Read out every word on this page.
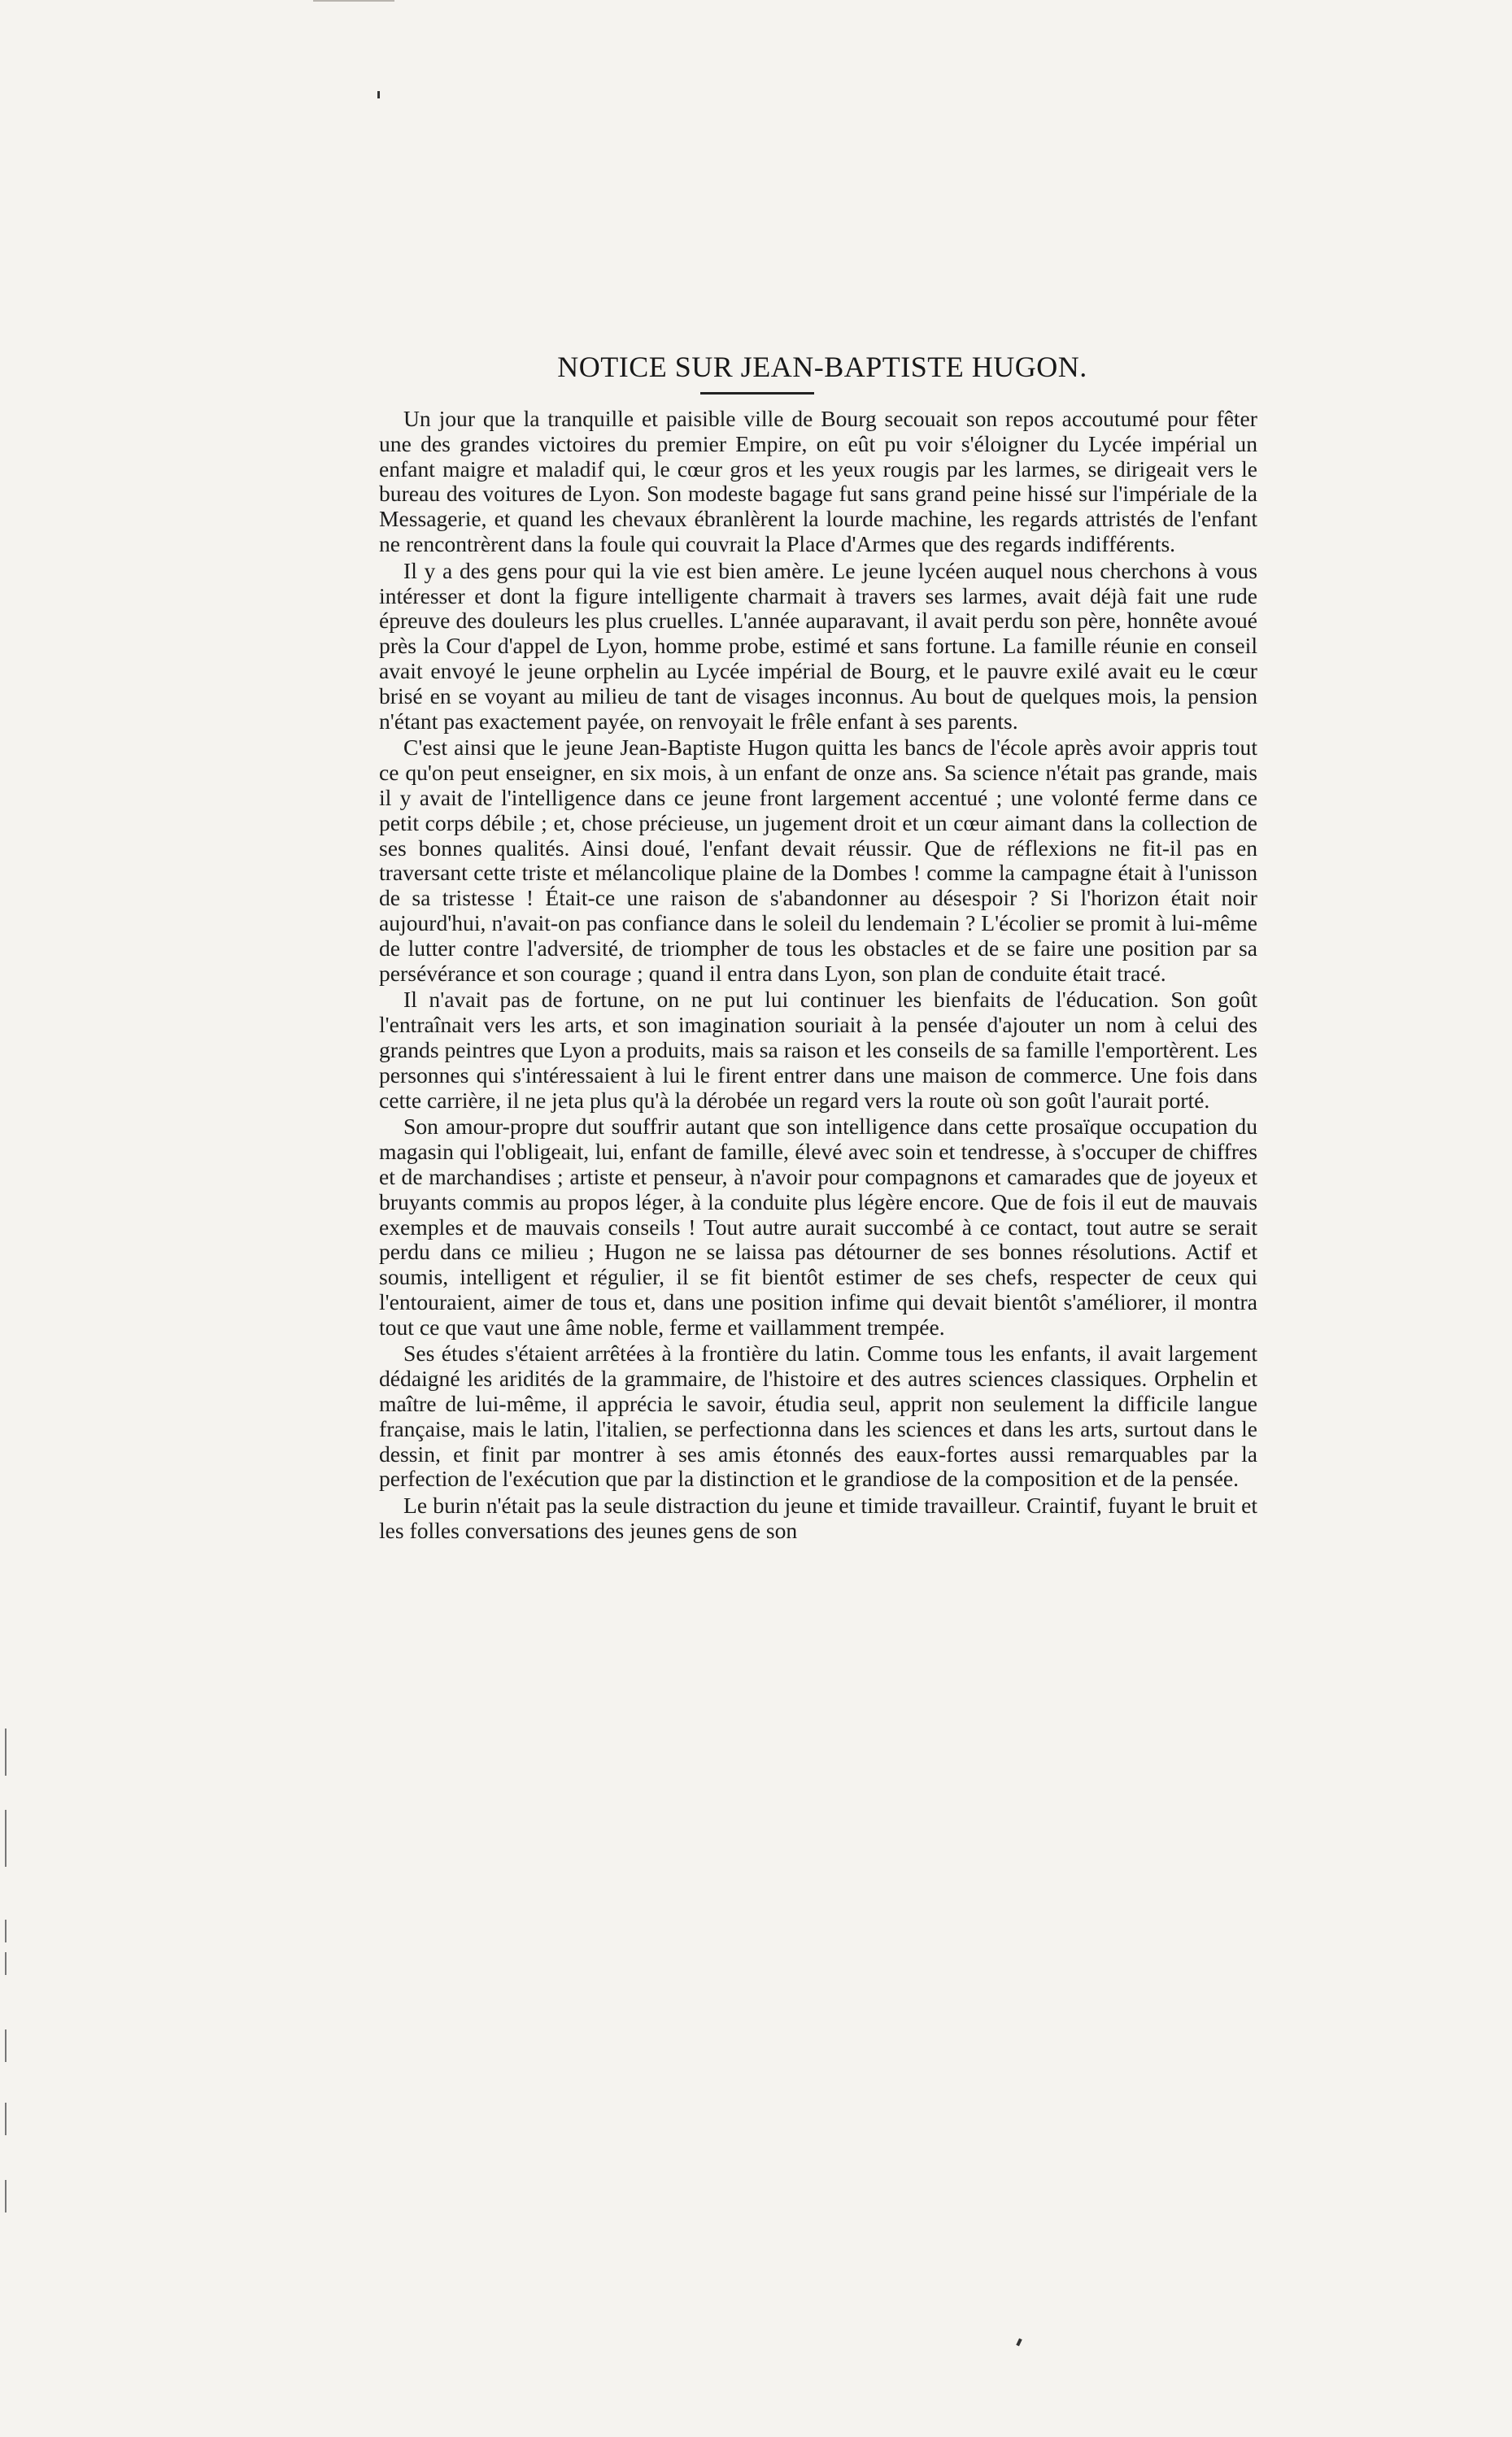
NOTICE SUR JEAN-BAPTISTE HUGON.

Un jour que la tranquille et paisible ville de Bourg secouait son repos accoutumé pour fêter une des grandes victoires du premier Empire, on eût pu voir s'éloigner du Lycée impérial un enfant maigre et maladif qui, le cœur gros et les yeux rougis par les larmes, se dirigeait vers le bureau des voitures de Lyon. Son modeste bagage fut sans grand peine hissé sur l'impériale de la Messagerie, et quand les chevaux ébranlèrent la lourde machine, les regards attristés de l'enfant ne rencontrèrent dans la foule qui couvrait la Place d'Armes que des regards indifférents.

Il y a des gens pour qui la vie est bien amère. Le jeune lycéen auquel nous cherchons à vous intéresser et dont la figure intelligente charmait à travers ses larmes, avait déjà fait une rude épreuve des douleurs les plus cruelles. L'année auparavant, il avait perdu son père, honnête avoué près la Cour d'appel de Lyon, homme probe, estimé et sans fortune. La famille réunie en conseil avait envoyé le jeune orphelin au Lycée impérial de Bourg, et le pauvre exilé avait eu le cœur brisé en se voyant au milieu de tant de visages inconnus. Au bout de quelques mois, la pension n'étant pas exactement payée, on renvoyait le frêle enfant à ses parents.

C'est ainsi que le jeune Jean-Baptiste Hugon quitta les bancs de l'école après avoir appris tout ce qu'on peut enseigner, en six mois, à un enfant de onze ans. Sa science n'était pas grande, mais il y avait de l'intelligence dans ce jeune front largement accentué ; une volonté ferme dans ce petit corps débile ; et, chose précieuse, un jugement droit et un cœur aimant dans la collection de ses bonnes qualités. Ainsi doué, l'enfant devait réussir. Que de réflexions ne fit-il pas en traversant cette triste et mélancolique plaine de la Dombes ! comme la campagne était à l'unisson de sa tristesse ! Était-ce une raison de s'abandonner au désespoir ? Si l'horizon était noir aujourd'hui, n'avait-on pas confiance dans le soleil du lendemain ? L'écolier se promit à lui-même de lutter contre l'adversité, de triompher de tous les obstacles et de se faire une position par sa persévérance et son courage ; quand il entra dans Lyon, son plan de conduite était tracé.

Il n'avait pas de fortune, on ne put lui continuer les bienfaits de l'éducation. Son goût l'entraînait vers les arts, et son imagination souriait à la pensée d'ajouter un nom à celui des grands peintres que Lyon a produits, mais sa raison et les conseils de sa famille l'emportèrent. Les personnes qui s'intéressaient à lui le firent entrer dans une maison de commerce. Une fois dans cette carrière, il ne jeta plus qu'à la dérobée un regard vers la route où son goût l'aurait porté.

Son amour-propre dut souffrir autant que son intelligence dans cette prosaïque occupation du magasin qui l'obligeait, lui, enfant de famille, élevé avec soin et tendresse, à s'occuper de chiffres et de marchandises ; artiste et penseur, à n'avoir pour compagnons et camarades que de joyeux et bruyants commis au propos léger, à la conduite plus légère encore. Que de fois il eut de mauvais exemples et de mauvais conseils ! Tout autre aurait succombé à ce contact, tout autre se serait perdu dans ce milieu ; Hugon ne se laissa pas détourner de ses bonnes résolutions. Actif et soumis, intelligent et régulier, il se fit bientôt estimer de ses chefs, respecter de ceux qui l'entouraient, aimer de tous et, dans une position infime qui devait bientôt s'améliorer, il montra tout ce que vaut une âme noble, ferme et vaillamment trempée.

Ses études s'étaient arrêtées à la frontière du latin. Comme tous les enfants, il avait largement dédaigné les aridités de la grammaire, de l'histoire et des autres sciences classiques. Orphelin et maître de lui-même, il apprécia le savoir, étudia seul, apprit non seulement la difficile langue française, mais le latin, l'italien, se perfectionna dans les sciences et dans les arts, surtout dans le dessin, et finit par montrer à ses amis étonnés des eaux-fortes aussi remarquables par la perfection de l'exécution que par la distinction et le grandiose de la composition et de la pensée.

Le burin n'était pas la seule distraction du jeune et timide travailleur. Craintif, fuyant le bruit et les folles conversations des jeunes gens de son
